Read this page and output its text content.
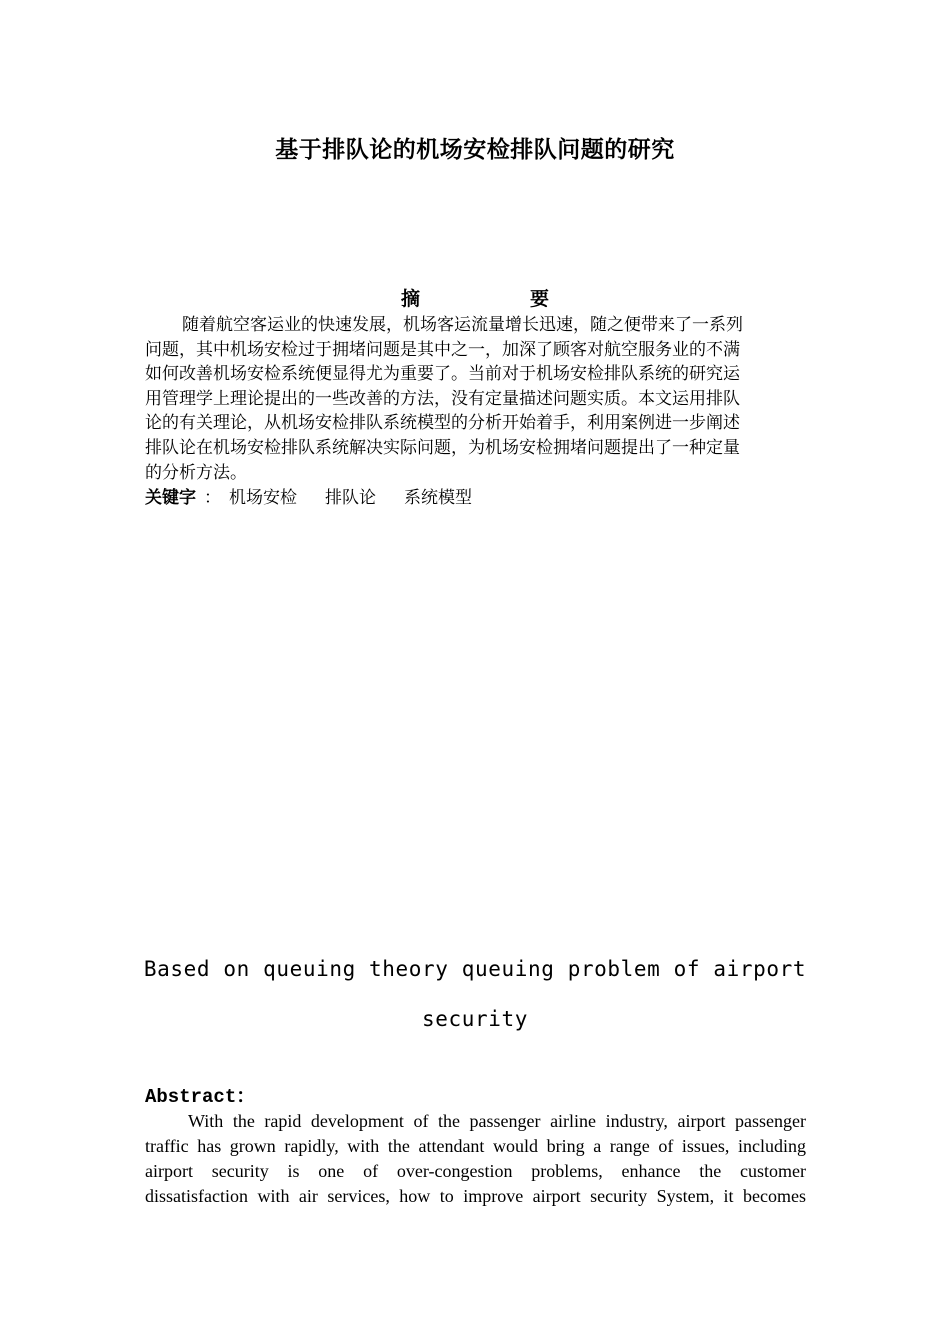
基于排队论的机场安检排队问题的研究
摘	要
随着航空客运业的快速发展，机场客运流量增长迅速，随之便带来了一系列
问题，其中机场安检过于拥堵问题是其中之一，加深了顾客对航空服务业的不满
如何改善机场安检系统便显得尤为重要了。当前对于机场安检排队系统的研究运
用管理学上理论提出的一些改善的方法，没有定量描述问题实质。本文运用排队
论的有关理论，从机场安检排队系统模型的分析开始着手，利用案例进一步阐述
排队论在机场安检排队系统解决实际问题，为机场安检拥堵问题提出了一种定量
的分析方法。
关键字 ： 机场安检 排队论 系统模型
Based on queuing theory queuing problem of airport
security
Abstract：
With the rapid development of the passenger airline industry, airport passenger
traffic has grown rapidly, with the attendant would bring a range of issues, including
airport security is one of over-congestion problems, enhance the customer
dissatisfaction with air services, how to improve airport security System, it becomes
